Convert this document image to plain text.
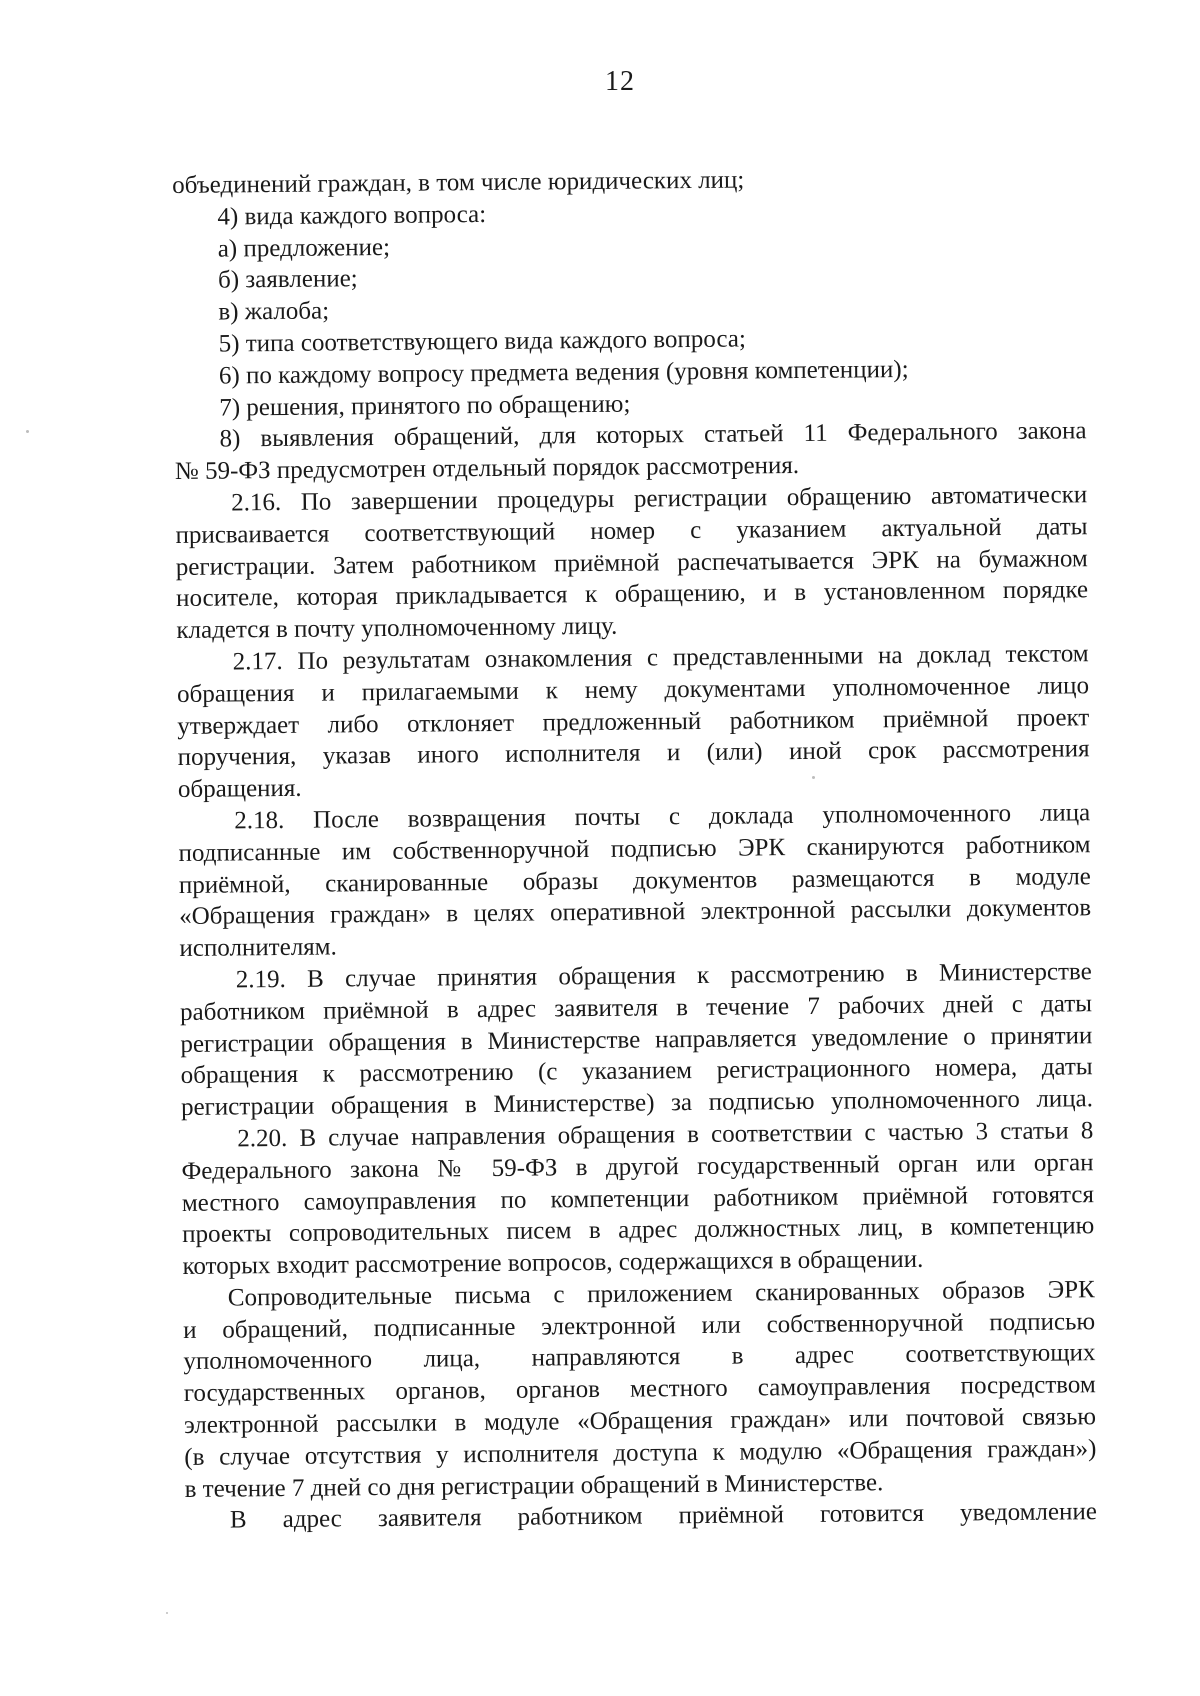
12
объединений граждан, в том числе юридических лиц;
4) вида каждого вопроса:
а) предложение;
б) заявление;
в) жалоба;
5) типа соответствующего вида каждого вопроса;
6) по каждому вопросу предмета ведения (уровня компетенции);
7) решения, принятого по обращению;
8) выявления обращений, для которых статьей 11 Федерального закона
№ 59-ФЗ предусмотрен отдельный порядок рассмотрения.
2.16. По завершении процедуры регистрации обращению автоматически
присваивается соответствующий номер с указанием актуальной даты
регистрации. Затем работником приёмной распечатывается ЭРК на бумажном
носителе, которая прикладывается к обращению, и в установленном порядке
кладется в почту уполномоченному лицу.
2.17. По результатам ознакомления с представленными на доклад текстом
обращения и прилагаемыми к нему документами уполномоченное лицо
утверждает либо отклоняет предложенный работником приёмной проект
поручения, указав иного исполнителя и (или) иной срок рассмотрения
обращения.
2.18. После возвращения почты с доклада уполномоченного лица
подписанные им собственноручной подписью ЭРК сканируются работником
приёмной, сканированные образы документов размещаются в модуле
«Обращения граждан» в целях оперативной электронной рассылки документов
исполнителям.
2.19. В случае принятия обращения к рассмотрению в Министерстве
работником приёмной в адрес заявителя в течение 7 рабочих дней с даты
регистрации обращения в Министерстве направляется уведомление о принятии
обращения к рассмотрению (с указанием регистрационного номера, даты
регистрации обращения в Министерстве) за подписью уполномоченного лица.
2.20. В случае направления обращения в соответствии с частью 3 статьи 8
Федерального закона № 59-ФЗ в другой государственный орган или орган
местного самоуправления по компетенции работником приёмной готовятся
проекты сопроводительных писем в адрес должностных лиц, в компетенцию
которых входит рассмотрение вопросов, содержащихся в обращении.
Сопроводительные письма с приложением сканированных образов ЭРК
и обращений, подписанные электронной или собственноручной подписью
уполномоченного лица, направляются в адрес соответствующих
государственных органов, органов местного самоуправления посредством
электронной рассылки в модуле «Обращения граждан» или почтовой связью
(в случае отсутствия у исполнителя доступа к модулю «Обращения граждан»)
в течение 7 дней со дня регистрации обращений в Министерстве.
В адрес заявителя работником приёмной готовится уведомление
